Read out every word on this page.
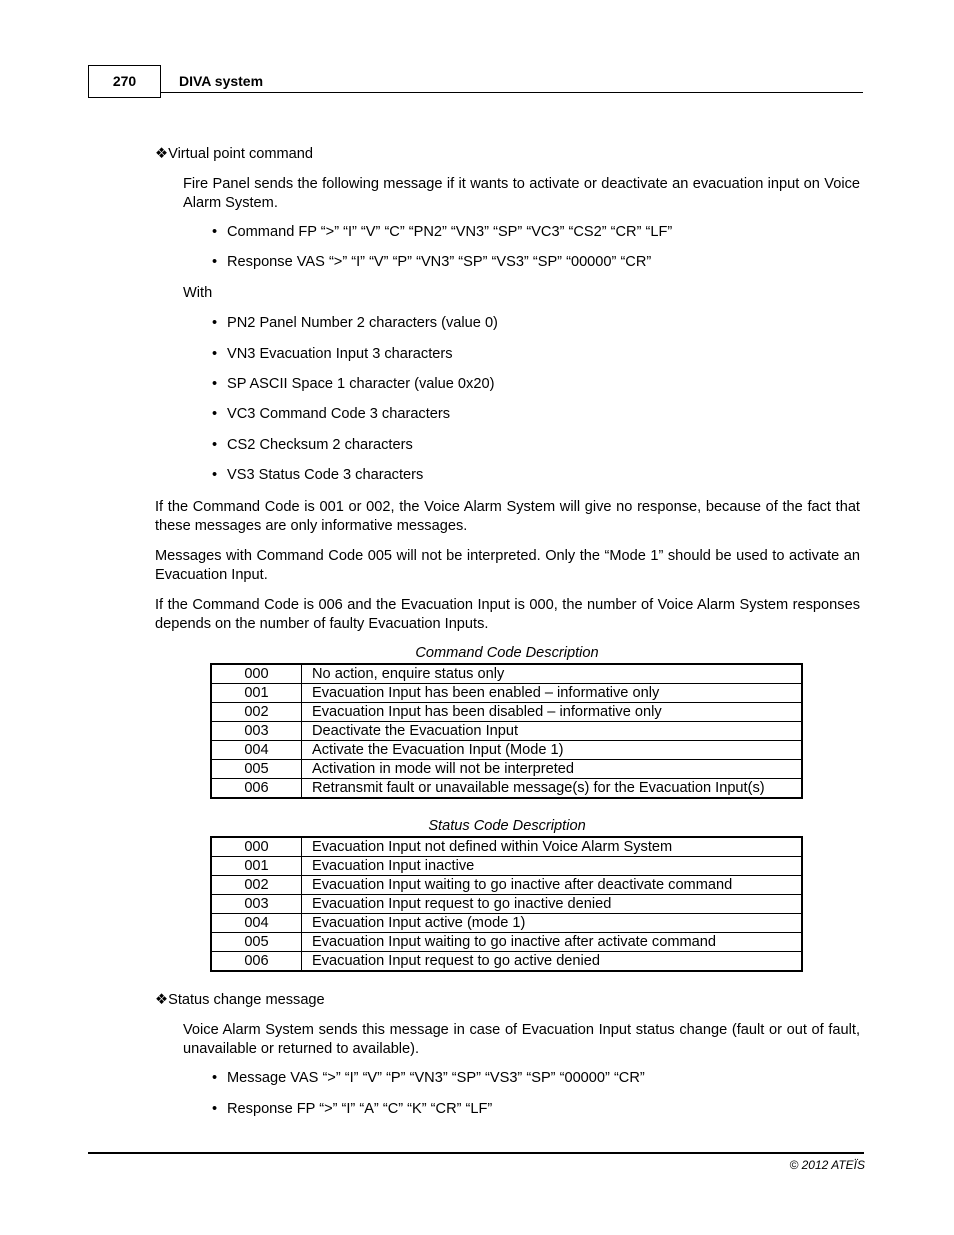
270	DIVA system
❖Virtual point command
Fire Panel sends the following message if it wants to activate or deactivate an evacuation input on Voice Alarm System.
• Command FP “>” “I” “V” “C” “PN2” “VN3” “SP” “VC3” “CS2” “CR” “LF”
• Response VAS “>” “I” “V” “P” “VN3” “SP” “VS3” “SP” “00000” “CR”
With
• PN2 Panel Number 2 characters (value 0)
• VN3 Evacuation Input 3 characters
• SP ASCII Space 1 character (value 0x20)
• VC3 Command Code 3 characters
• CS2 Checksum 2 characters
• VS3 Status Code 3 characters
If the Command Code is 001 or 002, the Voice Alarm System will give no response, because of the fact that these messages are only informative messages.
Messages with Command Code 005 will not be interpreted. Only the “Mode 1” should be used to activate an Evacuation Input.
If the Command Code is 006 and the Evacuation Input is 000, the number of Voice Alarm System responses depends on the number of faulty Evacuation Inputs.
Command Code Description
000	No action, enquire status only
001	Evacuation Input has been enabled – informative only
002	Evacuation Input has been disabled – informative only
003	Deactivate the Evacuation Input
004	Activate the Evacuation Input (Mode 1)
005	Activation in mode will not be interpreted
006	Retransmit fault or unavailable message(s) for the Evacuation Input(s)
Status Code Description
000	Evacuation Input not defined within Voice Alarm System
001	Evacuation Input inactive
002	Evacuation Input waiting to go inactive after deactivate command
003	Evacuation Input request to go inactive denied
004	Evacuation Input active (mode 1)
005	Evacuation Input waiting to go inactive after activate command
006	Evacuation Input request to go active denied
❖Status change message
Voice Alarm System sends this message in case of Evacuation Input status change (fault or out of fault, unavailable or returned to available).
• Message VAS “>” “I” “V” “P” “VN3” “SP” “VS3” “SP” “00000” “CR”
• Response FP “>” “I” “A” “C” “K” “CR” “LF”
© 2012 ATEÏS
